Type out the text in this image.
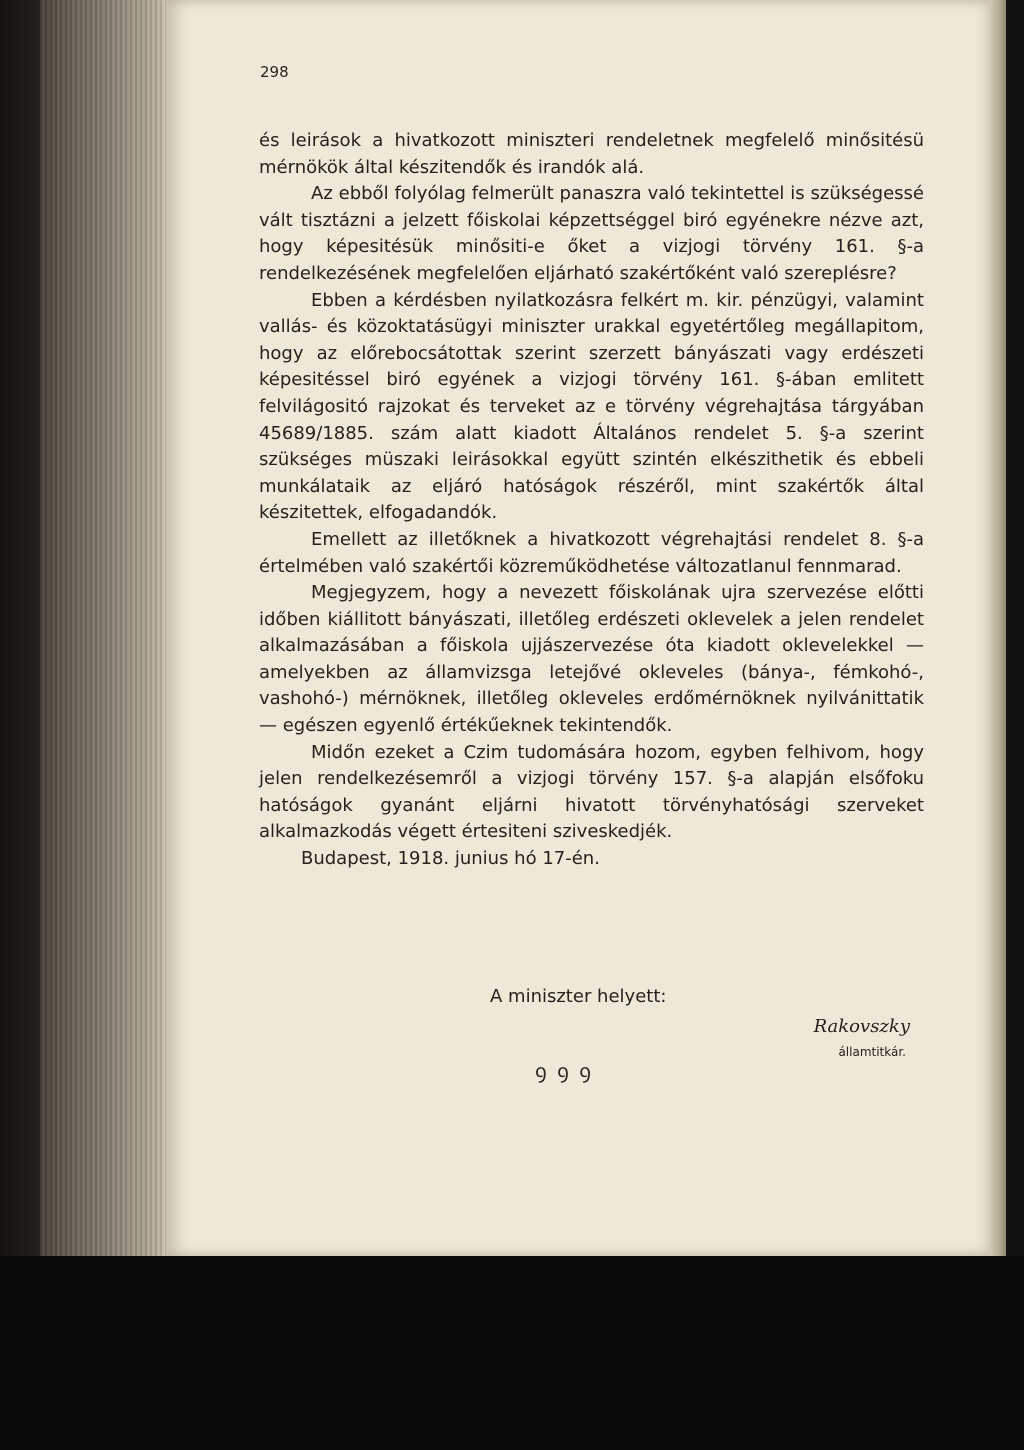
298

és leirások a hivatkozott miniszteri rendeletnek megfelelő minősitésü mérnökök által készitendők és irandók alá.

Az ebből folyólag felmerült panaszra való tekintettel is szükségessé vált tisztázni a jelzett főiskolai képzettséggel biró egyénekre nézve azt, hogy képesitésük minősiti-e őket a vizjogi törvény 161. §-a rendelkezésének megfelelően eljárható szakértőként való szereplésre?

Ebben a kérdésben nyilatkozásra felkért m. kir. pénzügyi, valamint vallás- és közoktatásügyi miniszter urakkal egyetértőleg megállapitom, hogy az előrebocsátottak szerint szerzett bányászati vagy erdészeti képesitéssel biró egyének a vizjogi törvény 161. §-ában emlitett felvilágositó rajzokat és terveket az e törvény végrehajtása tárgyában 45689/1885. szám alatt kiadott Általános rendelet 5. §-a szerint szükséges müszaki leirásokkal együtt szintén elkészithetik és ebbeli munkálataik az eljáró hatóságok részéről, mint szakértők által készitettek, elfogadandók.

Emellett az illetőknek a hivatkozott végrehajtási rendelet 8. §-a értelmében való szakértői közreműködhetése változatlanul fennmarad.

Megjegyzem, hogy a nevezett főiskolának ujra szervezése előtti időben kiállitott bányászati, illetőleg erdészeti oklevelek a jelen rendelet alkalmazásában a főiskola ujjászervezése óta kiadott oklevelekkel — amelyekben az államvizsga letejővé okleveles (bánya-, fémkohó-, vashohó-) mérnöknek, illetőleg okleveles erdőmérnöknek nyilvánittatik — egészen egyenlő értékűeknek tekintendők.

Midőn ezeket a Czim tudomására hozom, egyben felhivom, hogy jelen rendelkezésemről a vizjogi törvény 157. §-a alapján elsőfoku hatóságok gyanánt eljárni hivatott törvényhatósági szerveket alkalmazkodás végett értesiteni sziveskedjék.

Budapest, 1918. junius hó 17-én.

A miniszter helyett:
Rakovszky
államtitkár.
ꝯ ꝯ ꝯ
